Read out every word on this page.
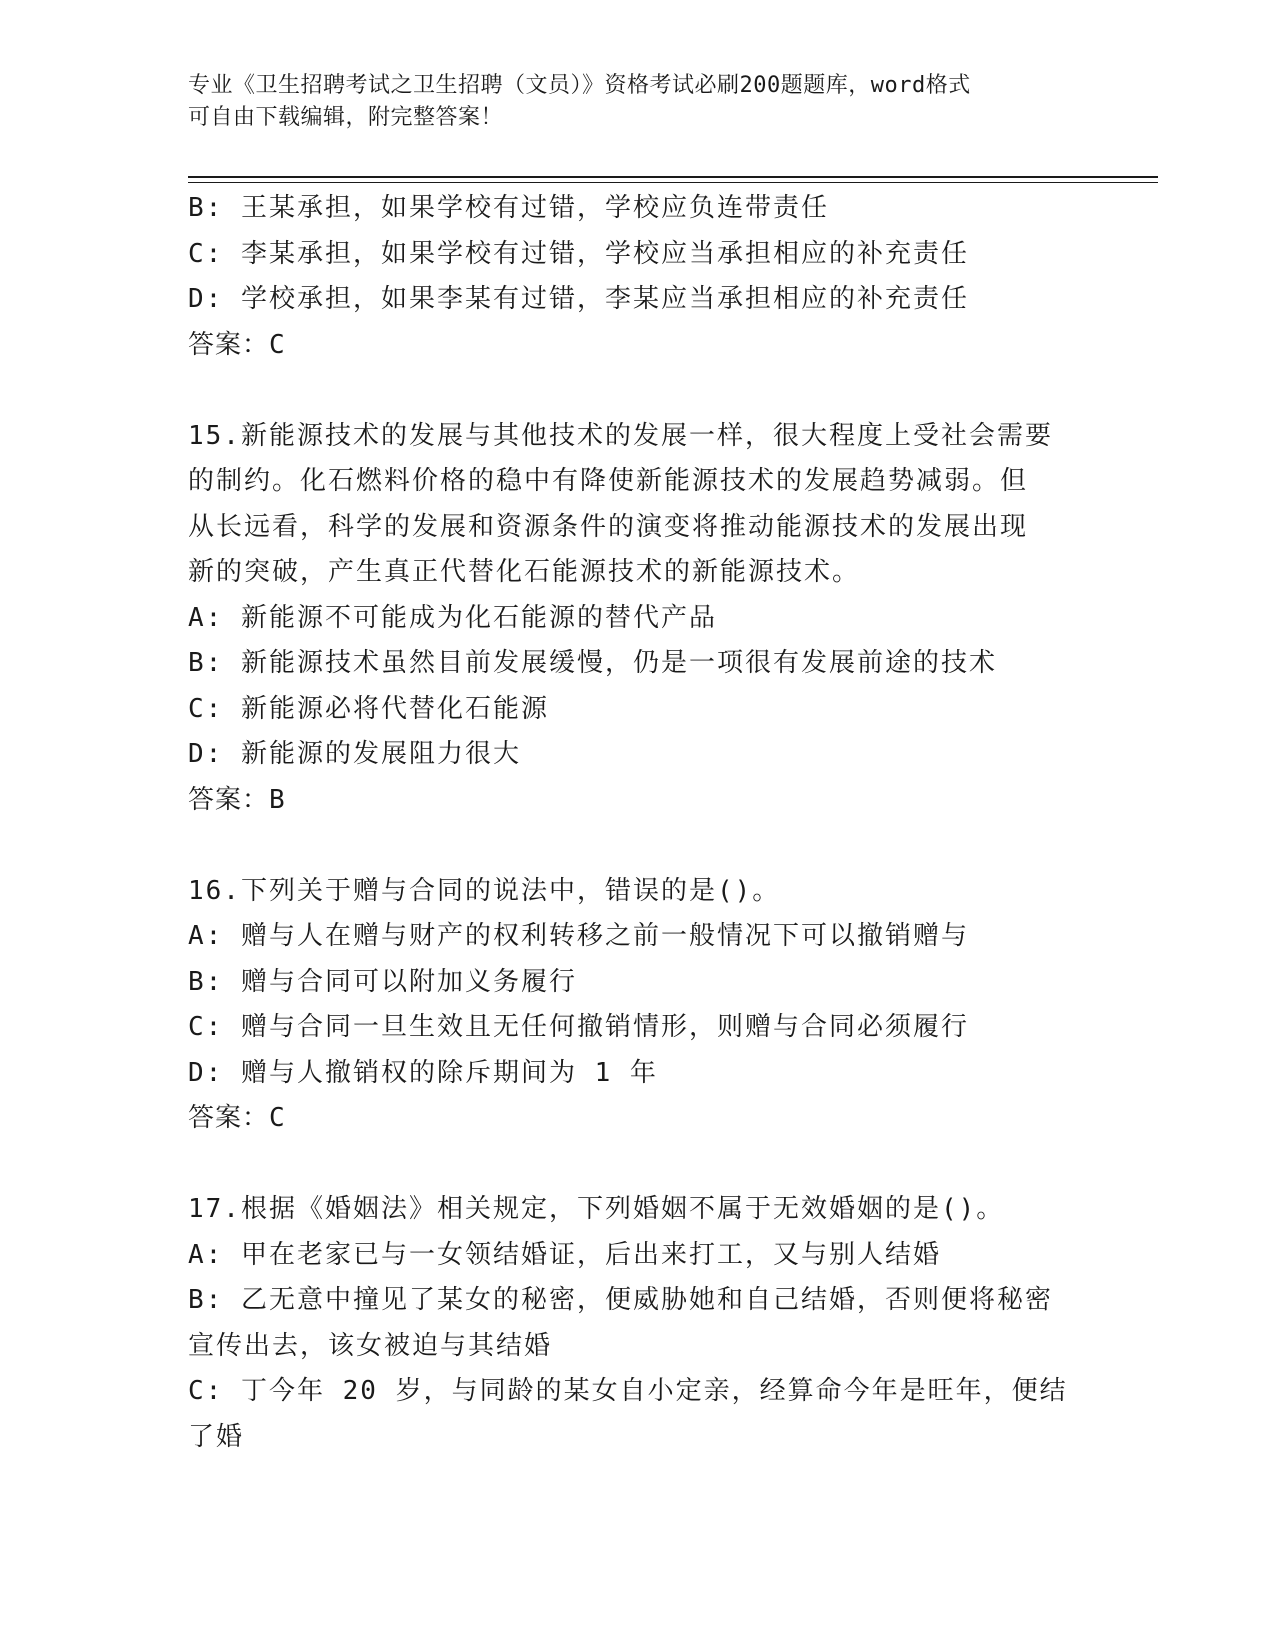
专业《卫生招聘考试之卫生招聘（文员）》资格考试必刷200题题库，word格式
可自由下载编辑，附完整答案！
B: 王某承担，如果学校有过错，学校应负连带责任
C: 李某承担，如果学校有过错，学校应当承担相应的补充责任
D: 学校承担，如果李某有过错，李某应当承担相应的补充责任
答案：C
15.新能源技术的发展与其他技术的发展一样，很大程度上受社会需要
的制约。化石燃料价格的稳中有降使新能源技术的发展趋势减弱。但
从长远看，科学的发展和资源条件的演变将推动能源技术的发展出现
新的突破，产生真正代替化石能源技术的新能源技术。
A: 新能源不可能成为化石能源的替代产品
B: 新能源技术虽然目前发展缓慢，仍是一项很有发展前途的技术
C: 新能源必将代替化石能源
D: 新能源的发展阻力很大
答案：B
16.下列关于赠与合同的说法中，错误的是()。
A: 赠与人在赠与财产的权利转移之前一般情况下可以撤销赠与
B: 赠与合同可以附加义务履行
C: 赠与合同一旦生效且无任何撤销情形，则赠与合同必须履行
D: 赠与人撤销权的除斥期间为 1 年
答案：C
17.根据《婚姻法》相关规定，下列婚姻不属于无效婚姻的是()。
A: 甲在老家已与一女领结婚证，后出来打工，又与别人结婚
B: 乙无意中撞见了某女的秘密，便威胁她和自己结婚，否则便将秘密
宣传出去，该女被迫与其结婚
C: 丁今年 20 岁，与同龄的某女自小定亲，经算命今年是旺年，便结
了婚
